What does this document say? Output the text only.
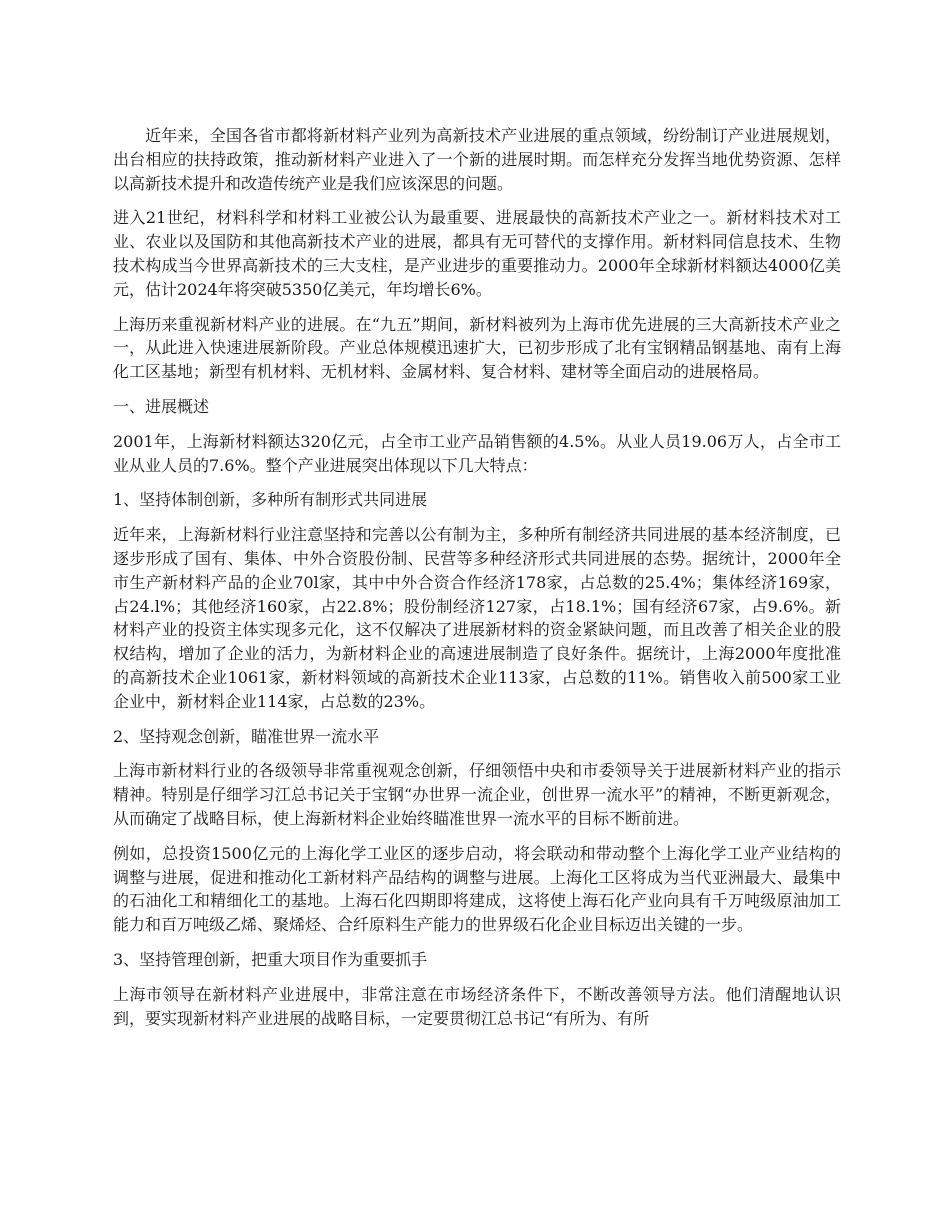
近年来，全国各省市都将新材料产业列为高新技术产业进展的重点领域，纷纷制订产业进展规划，出台相应的扶持政策，推动新材料产业进入了一个新的进展时期。而怎样充分发挥当地优势资源、怎样以高新技术提升和改造传统产业是我们应该深思的问题。

进入21世纪，材料科学和材料工业被公认为最重要、进展最快的高新技术产业之一。新材料技术对工业、农业以及国防和其他高新技术产业的进展，都具有无可替代的支撑作用。新材料同信息技术、生物技术构成当今世界高新技术的三大支柱，是产业进步的重要推动力。2000年全球新材料额达4000亿美元，估计2024年将突破5350亿美元，年均增长6%。

上海历来重视新材料产业的进展。在“九五”期间，新材料被列为上海市优先进展的三大高新技术产业之一，从此进入快速进展新阶段。产业总体规模迅速扩大，已初步形成了北有宝钢精品钢基地、南有上海化工区基地；新型有机材料、无机材料、金属材料、复合材料、建材等全面启动的进展格局。

一、进展概述

2001年，上海新材料额达320亿元，占全市工业产品销售额的4.5%。从业人员19.06万人，占全市工业从业人员的7.6%。整个产业进展突出体现以下几大特点：

1、坚持体制创新，多种所有制形式共同进展

近年来，上海新材料行业注意坚持和完善以公有制为主，多种所有制经济共同进展的基本经济制度，已逐步形成了国有、集体、中外合资股份制、民营等多种经济形式共同进展的态势。据统计，2000年全市生产新材料产品的企业70l家，其中中外合资合作经济178家，占总数的25.4%；集体经济169家，占24.l%；其他经济160家，占22.8%；股份制经济127家，占18.1%；国有经济67家，占9.6%。新材料产业的投资主体实现多元化，这不仅解决了进展新材料的资金紧缺问题，而且改善了相关企业的股权结构，增加了企业的活力，为新材料企业的高速进展制造了良好条件。据统计，上海2000年度批准的高新技术企业1061家，新材料领域的高新技术企业113家，占总数的11%。销售收入前500家工业企业中，新材料企业114家，占总数的23%。

2、坚持观念创新，瞄准世界一流水平

上海市新材料行业的各级领导非常重视观念创新，仔细领悟中央和市委领导关于进展新材料产业的指示精神。特别是仔细学习江总书记关于宝钢“办世界一流企业，创世界一流水平”的精神，不断更新观念，从而确定了战略目标，使上海新材料企业始终瞄准世界一流水平的目标不断前进。

例如，总投资1500亿元的上海化学工业区的逐步启动，将会联动和带动整个上海化学工业产业结构的调整与进展，促进和推动化工新材料产品结构的调整与进展。上海化工区将成为当代亚洲最大、最集中的石油化工和精细化工的基地。上海石化四期即将建成，这将使上海石化产业向具有千万吨级原油加工能力和百万吨级乙烯、聚烯烃、合纤原料生产能力的世界级石化企业目标迈出关键的一步。

3、坚持管理创新，把重大项目作为重要抓手

上海市领导在新材料产业进展中，非常注意在市场经济条件下，不断改善领导方法。他们清醒地认识到，要实现新材料产业进展的战略目标，一定要贯彻江总书记“有所为、有所
